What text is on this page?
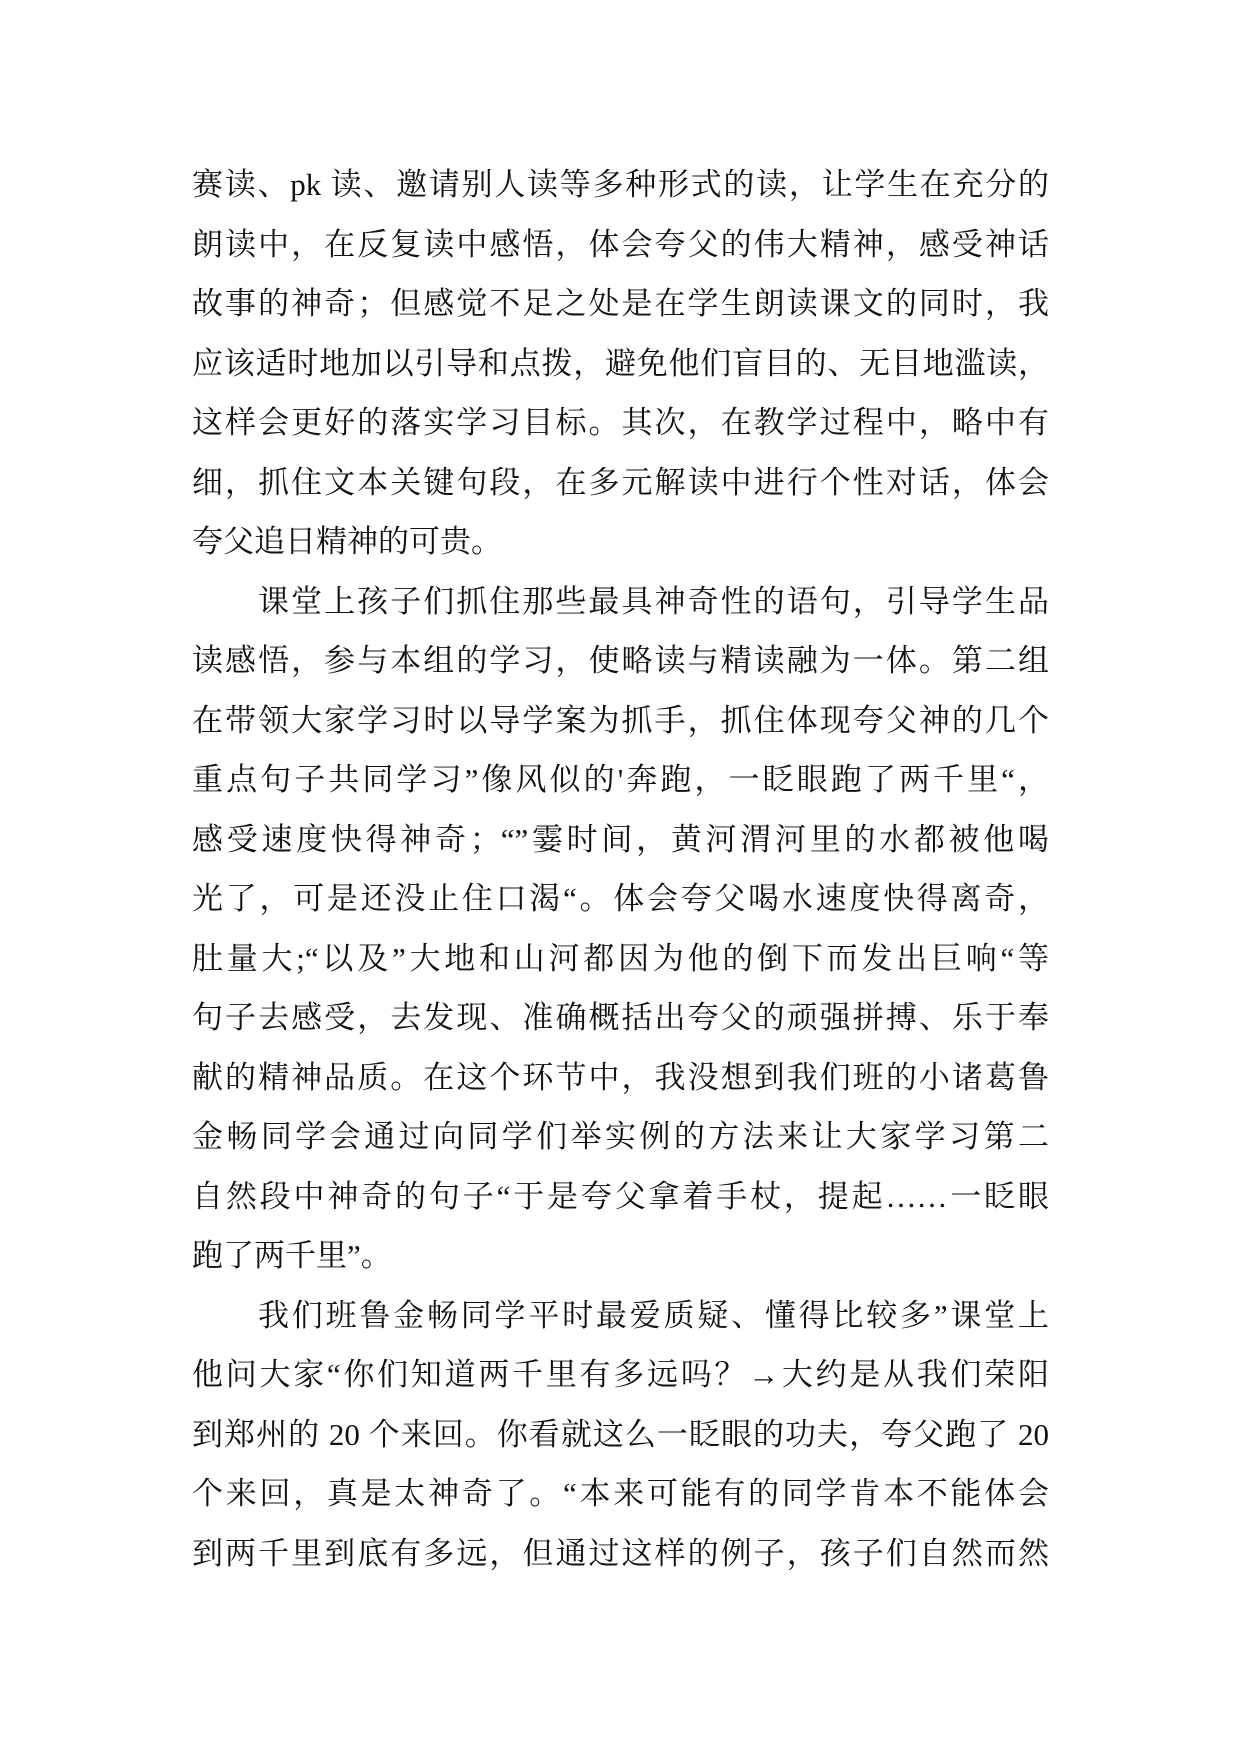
赛读、pk 读、邀请别人读等多种形式的读，让学生在充分的
朗读中，在反复读中感悟，体会夸父的伟大精神，感受神话
故事的神奇；但感觉不足之处是在学生朗读课文的同时，我
应该适时地加以引导和点拨，避免他们盲目的、无目地滥读，
这样会更好的落实学习目标。其次，在教学过程中，略中有
细，抓住文本关键句段，在多元解读中进行个性对话，体会
夸父追日精神的可贵。
课堂上孩子们抓住那些最具神奇性的语句，引导学生品
读感悟，参与本组的学习，使略读与精读融为一体。第二组
在带领大家学习时以导学案为抓手，抓住体现夸父神的几个
重点句子共同学习”像风似的'奔跑，一眨眼跑了两千里“，
感受速度快得神奇；“”霎时间，黄河渭河里的水都被他喝
光了，可是还没止住口渴“。体会夸父喝水速度快得离奇，
肚量大;“以及”大地和山河都因为他的倒下而发出巨响“等
句子去感受，去发现、准确概括出夸父的顽强拼搏、乐于奉
献的精神品质。在这个环节中，我没想到我们班的小诸葛鲁
金畅同学会通过向同学们举实例的方法来让大家学习第二
自然段中神奇的句子“于是夸父拿着手杖，提起……一眨眼
跑了两千里”。
我们班鲁金畅同学平时最爱质疑、懂得比较多”课堂上
他问大家“你们知道两千里有多远吗？→大约是从我们荣阳
到郑州的 20 个来回。你看就这么一眨眼的功夫，夸父跑了 20
个来回，真是太神奇了。“本来可能有的同学肯本不能体会
到两千里到底有多远，但通过这样的例子，孩子们自然而然
